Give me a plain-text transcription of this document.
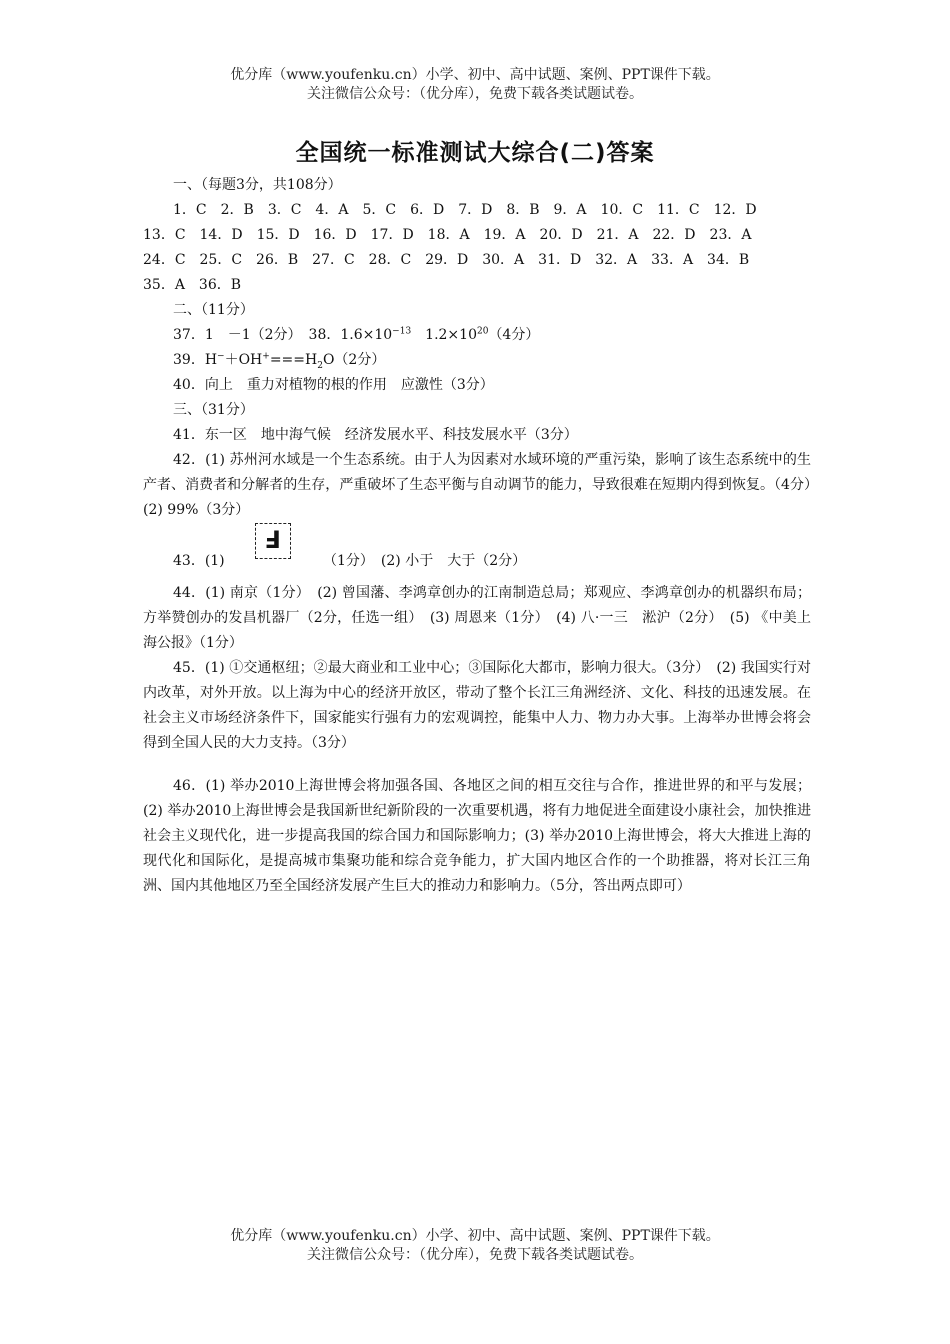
优分库（www.youfenku.cn）小学、初中、高中试题、案例、PPT课件下载。
关注微信公众号：（优分库），免费下载各类试题试卷。
全国统一标准测试大综合(二)答案
一、（每题3分，共108分）
1．C　2．B　3．C　4．A　5．C　6．D　7．D　8．B　9．A　10．C　11．C　12．D
13．C　14．D　15．D　16．D　17．D　18．A　19．A　20．D　21．A　22．D　23．A
24．C　25．C　26．B　27．C　28．C　29．D　30．A　31．D　32．A　33．A　34．B
35．A　36．B
二、（11分）
37．1　－1（2分）　38．$1.6\times 10^{-13}$　$1.2\times 10^{20}(4$分）
39．$H^-+OH^+===H_2O(2$分）
40．向上　重力对植物的根的作用　应激性（3分）
三、（31分）
41．东一区　地中海气候　经济发展水平、科技发展水平（3分）
42．(1) 苏州河水域是一个生态系统。由于人为因素对水域环境的严重污染，影响了该生态系统中的生产者、消费者和分解者的生存，严重破坏了生态平衡与自动调节的能力，导致很难在短期内得到恢复。（4分）　(2) 99%（3分）
43．(1)
Ⅎ
（1分）　(2) 小于　大于（2分）
44．(1) 南京（1分）　(2) 曾国藩、李鸿章创办的江南制造总局；郑观应、李鸿章创办的机器织布局；方举赞创办的发昌机器厂（2分，任选一组）　(3) 周恩来（1分）　(4) 八·一三　淞沪（2分）　(5) 《中美上海公报》（1分）
45．(1) ①交通枢纽；②最大商业和工业中心；③国际化大都市，影响力很大。（3分）　(2) 我国实行对内改革，对外开放。以上海为中心的经济开放区，带动了整个长江三角洲经济、文化、科技的迅速发展。在社会主义市场经济条件下，国家能实行强有力的宏观调控，能集中人力、物力办大事。上海举办世博会将会得到全国人民的大力支持。（3分）
46．(1) 举办2010上海世博会将加强各国、各地区之间的相互交往与合作，推进世界的和平与发展；(2) 举办2010上海世博会是我国新世纪新阶段的一次重要机遇，将有力地促进全面建设小康社会，加快推进社会主义现代化，进一步提高我国的综合国力和国际影响力；(3) 举办2010上海世博会，将大大推进上海的现代化和国际化，是提高城市集聚功能和综合竞争能力，扩大国内地区合作的一个助推器，将对长江三角洲、国内其他地区乃至全国经济发展产生巨大的推动力和影响力。（5分，答出两点即可）
优分库（www.youfenku.cn）小学、初中、高中试题、案例、PPT课件下载。
关注微信公众号：（优分库），免费下载各类试题试卷。
